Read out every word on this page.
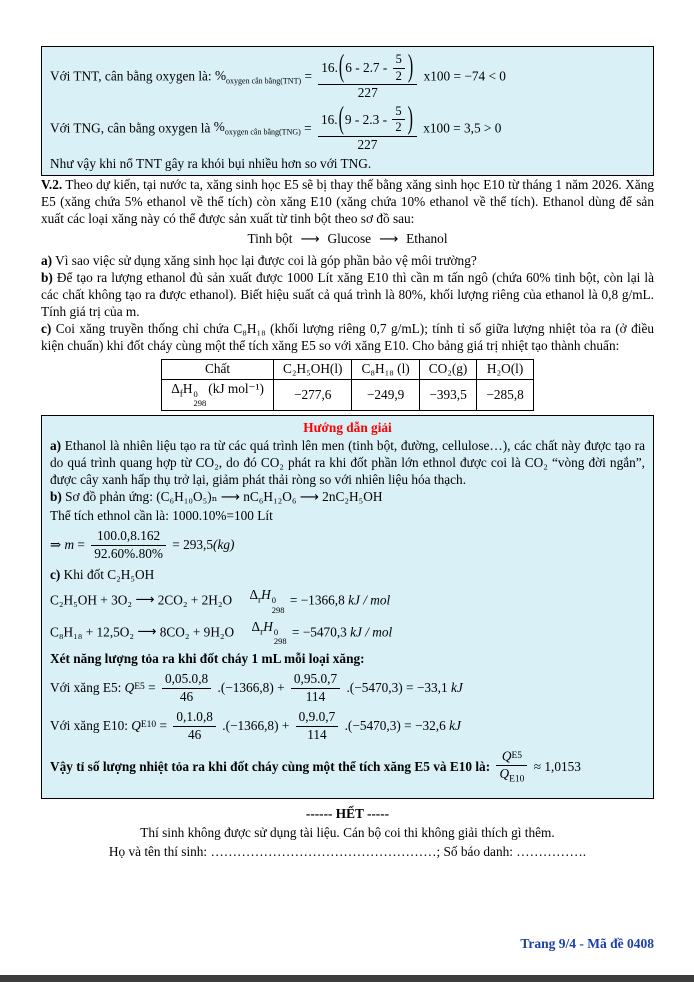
Với TNT, cân bằng oxygen là: $\%_{oxygen cân bằng(TNT)} = \frac{16.(6 - 2.7 - \frac{5}{2} )}{227} x100 = -74 < 0$
Với TNG, cân bằng oxygen là $\%_{oxygen cân bằng(TNG)} = \frac{16.(9 - 2.3 - \frac{5}{2} )}{227} x100 = 3,5 > 0$
Như vậy khi nổ TNT gây ra khói bụi nhiều hơn so với TNG.

V.2. Theo dự kiến, tại nước ta, xăng sinh học E5 sẽ bị thay thế bằng xăng sinh học E10 từ tháng 1 năm 2026. Xăng E5 (xăng chứa 5% ethanol về thể tích) còn xăng E10 (xăng chứa 10% ethanol về thể tích). Ethanol dùng để sản xuất các loại xăng này có thể được sản xuất từ tinh bột theo sơ đồ sau:

Tinh bột ⟶ Glucose ⟶ Ethanol

a) Vì sao việc sử dụng xăng sinh học lại được coi là góp phần bảo vệ môi trường?

b) Để tạo ra lượng ethanol đủ sản xuất được 1000 Lít xăng E10 thì cần m tấn ngô (chứa 60% tinh bột, còn lại là các chất không tạo ra được ethanol). Biết hiệu suất cả quá trình là 80%, khối lượng riêng của ethanol là 0,8 g/mL. Tính giá trị của m.

c) Coi xăng truyền thống chỉ chứa C₈H₁₈ (khối lượng riêng 0,7 g/mL); tính tỉ số giữa lượng nhiệt tỏa ra (ở điều kiện chuẩn) khi đốt cháy cùng một thể tích xăng E5 so với xăng E10. Cho bảng giá trị nhiệt tạo thành chuẩn:

Chất	C₂H₅OH(l)	C₈H₁₈ (l)	CO₂(g)	H₂O(l)
$\Delta_fH$ 0
298
(kJ mol⁻¹)	−277,6	−249,9	−393,5	−285,8
Hướng dẫn giải

a) Ethanol là nhiên liệu tạo ra từ các quá trình lên men (tinh bột, đường, cellulose…), các chất này được tạo ra do quá trình quang hợp từ CO₂, do đó CO₂ phát ra khi đốt phần lớn ethnol được coi là CO₂ “vòng đời ngắn”, được cây xanh hấp thụ trở lại, giảm phát thải ròng so với nhiên liệu hóa thạch.

b) Sơ đồ phản ứng: (C₆H₁₀O₅)ₙ ⟶ nC₆H₁₂O₆ ⟶ 2nC₂H₅OH

Thể tích ethnol cần là: 1000.10%=100 Lít

⇒ $m = \frac{100.0,8.162}{92.60\%.80\%} = 293,5(kg)$

c) Khi đốt C₂H₅OH

C₂H₅OH + 3O₂ ⟶ 2CO₂ + 2H₂O $\Delta_rH$ 0
298
= −1366,8 kJ / mol
C₈H₁₈ + 12,5O₂ ⟶ 8CO₂ + 9H₂O $\Delta_rH$ 0
298
= −5470,3 kJ / mol

Xét năng lượng tỏa ra khi đốt cháy 1 mL mỗi loại xăng:

Với xăng E5: $QE5 = \frac{0,05.0,8}{46} .(-1366,8) + \frac{0,95.0,7}{114} .(-5470,3) = -33,1$ kJ
Với xăng E10: $QE10 = \frac{0,1.0,8}{46} .(-1366,8) + \frac{0,9.0,7}{114} .(-5470,3) = -32,6$ kJ
Vậy tỉ số lượng nhiệt tỏa ra khi đốt cháy cùng một thể tích xăng E5 và E10 là: $\frac{QE5}{Q_{E10}} \approx 1,0153$
------ HẾT -----
Thí sinh không được sử dụng tài liệu. Cán bộ coi thi không giải thích gì thêm.
Họ và tên thí sinh: ……………………………………………; Số báo danh: …………….
Trang 9/4 - Mã đề 0408
